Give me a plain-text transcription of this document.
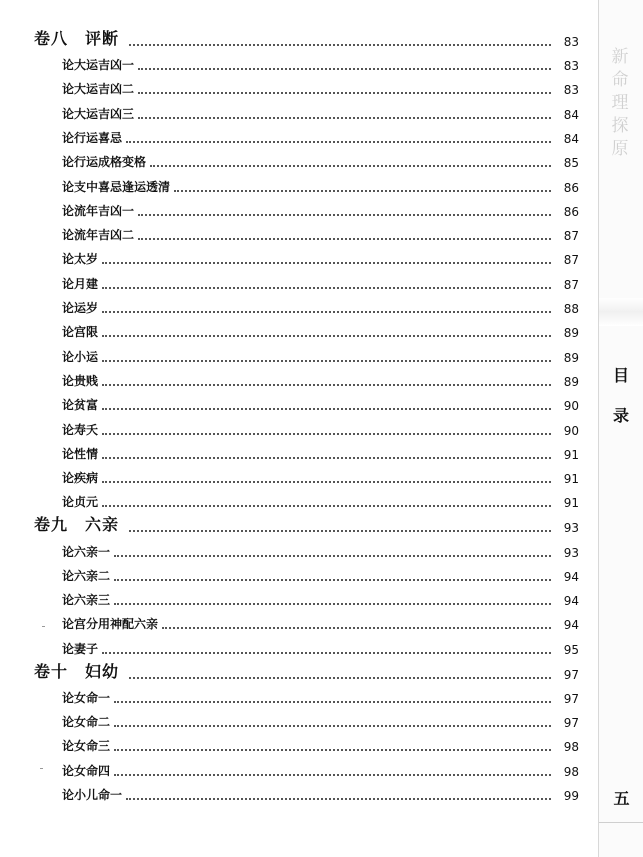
卷八　评断	83
论大运吉凶一	83
论大运吉凶二	83
论大运吉凶三	84
论行运喜忌	84
论行运成格变格	85
论支中喜忌逢运透清	86
论流年吉凶一	86
论流年吉凶二	87
论太岁	87
论月建	87
论运岁	88
论宫限	89
论小运	89
论贵贱	89
论贫富	90
论寿夭	90
论性情	91
论疾病	91
论贞元	91
卷九　六亲	93
论六亲一	93
论六亲二	94
论六亲三	94
论宫分用神配六亲	94
论妻子	95
卷十　妇幼	97
论女命一	97
论女命二	97
论女命三	98
论女命四	98
论小儿命一	99
新命理探原
目录
五
